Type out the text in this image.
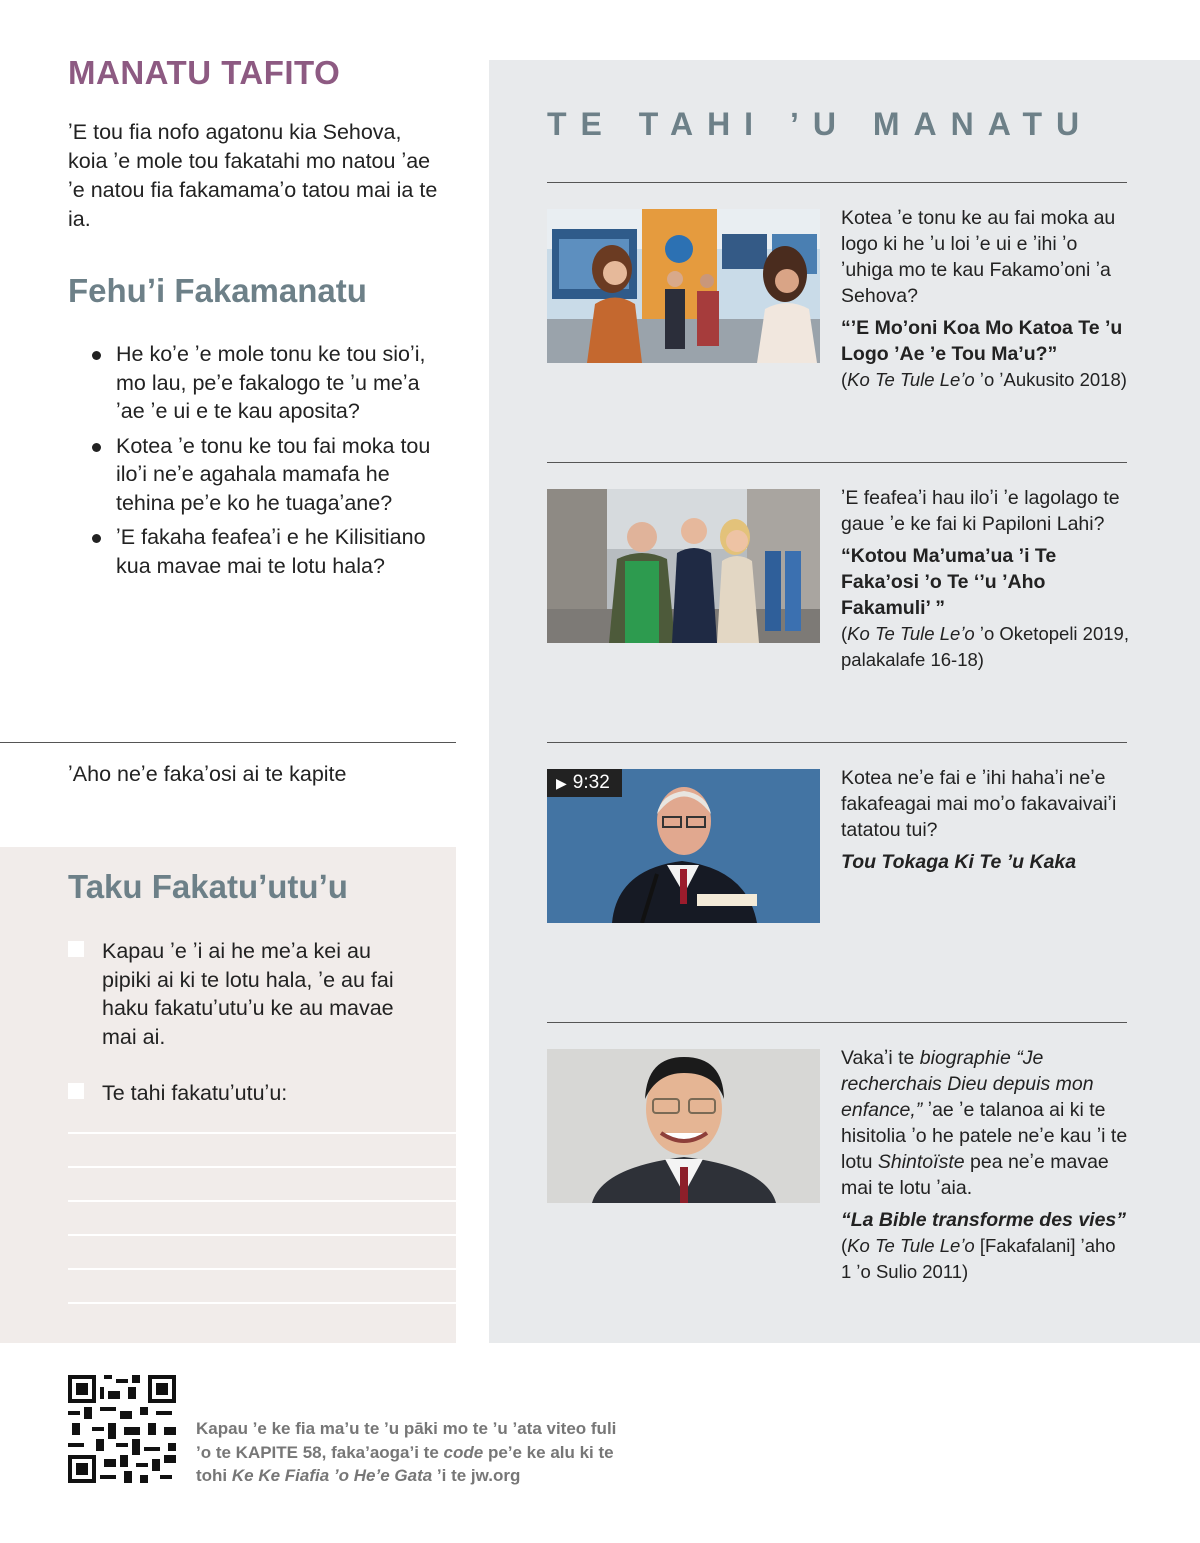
MANATU TAFITO

ʼE tou fia nofo agatonu kia Sehova, koia ʼe mole tou fakatahi mo natou ʼae ʼe natou fia fakamamaʼo tatou mai ia te ia.

Fehuʼi Fakamanatu
He koʼe ʼe mole tonu ke tou sioʼi, mo lau, peʼe fakalogo te ʼu meʼa ʼae ʼe ui e te kau aposita?
Kotea ʼe tonu ke tou fai moka tou iloʼi neʼe agahala mamafa he tehina peʼe ko he tuagaʼane?
ʼE fakaha feafeaʼi e he Kilisitiano kua mavae mai te lotu hala?

ʼAho neʼe fakaʼosi ai te kapite

Taku Fakatuʼutuʼu
Kapau ʼe ʼi ai he meʼa kei au pipiki ai ki te lotu hala, ʼe au fai haku fakatuʼutuʼu ke au mavae mai ai.
Te tahi fakatuʼutuʼu:
TE TAHI ʼU MANATU

Kotea ʼe tonu ke au fai moka au logo ki he ʼu loi ʼe ui e ʼihi ʼo ʼuhiga mo te kau Fakamoʼoni ʼa Sehova?

“ʼE Moʼoni Koa Mo Katoa Te ʼu Logo ʼAe ʼe Tou Maʼu?”

(Ko Te Tule Leʼo ʼo ʼAukusito 2018)

ʼE feafeaʼi hau iloʼi ʼe lagolago te gaue ʼe ke fai ki Papiloni Lahi?

“Kotou Maʼumaʼua ʼi Te Fakaʼosi ʼo Te ‘ʼu ʼAho Fakamuli’ ”

(Ko Te Tule Leʼo ʼo Oketopeli 2019, palakalafe 16-18)

▶ 9:32	Kotea neʼe fai e ʼihi hahaʼi neʼe fakafeagai mai moʼo fakavaivaiʼi tatatou tui?

Tou Tokaga Ki Te ʼu Kaka

Vakaʼi te biographie “Je recherchais Dieu depuis mon enfance,” ʼae ʼe talanoa ai ki te hisitolia ʼo he patele neʼe kau ʼi te lotu Shintoïste pea neʼe mavae mai te lotu ʼaia.

“La Bible transforme des vies”

(Ko Te Tule Leʼo [Fakafalani] ʼaho 1 ʼo Sulio 2011)

Kapau ʼe ke fia maʼu te ʼu pāki mo te ʼu ʼata viteo fuli ʼo te KAPITE 58, fakaʼaogaʼi te code peʼe ke alu ki te tohi Ke Ke Fiafia ʼo Heʼe Gata ʼi te jw.org
